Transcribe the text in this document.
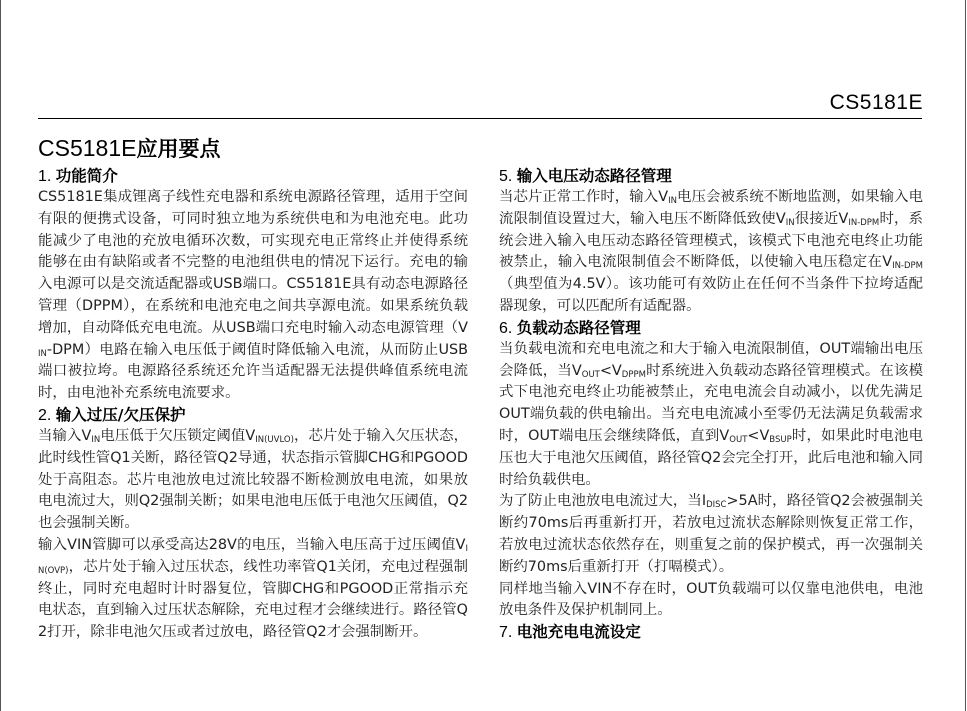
CS5181E
CS5181E应用要点
1. 功能简介

CS5181E集成锂离子线性充电器和系统电源路径管理，适用于空间有限的便携式设备，可同时独立地为系统供电和为电池充电。此功能减少了电池的充放电循环次数，可实现充电正常终止并使得系统能够在由有缺陷或者不完整的电池组供电的情况下运行。充电的输入电源可以是交流适配器或USB端口。CS5181E具有动态电源路径管理（DPPM），在系统和电池充电之间共享源电流。如果系统负载增加，自动降低充电电流。从USB端口充电时输入动态电源管理$(V_{IN}-DPM)$电路在输入电压低于阈值时降低输入电流，从而防止USB端口被拉垮。电源路径系统还允许当适配器无法提供峰值系统电流时，由电池补充系统电流要求。

2. 输入过压/欠压保护

当输入$V_{IN}$电压低于欠压锁定阈值$V_{IN(UVLO)}$，芯片处于输入欠压状态，此时线性管Q1关断，路径管Q2导通，状态指示管脚CHG和PGOOD处于高阻态。芯片电池放电过流比较器不断检测放电电流，如果放电电流过大，则Q2强制关断；如果电池电压低于电池欠压阈值，Q2也会强制关断。

输入VIN管脚可以承受高达28V的电压，当输入电压高于过压阈值$V_{IN(OVP)}$，芯片处于输入过压状态，线性功率管Q1关闭，充电过程强制终止，同时充电超时计时器复位，管脚CHG和PGOOD正常指示充电状态，直到输入过压状态解除，充电过程才会继续进行。路径管Q2打开，除非电池欠压或者过放电，路径管Q2才会强制断开。

5. 输入电压动态路径管理

当芯片正常工作时，输入$V_{IN}$电压会被系统不断地监测，如果输入电流限制值设置过大，输入电压不断降低致使$V_{IN}$很接近$V_{IN-DPM}$时，系统会进入输入电压动态路径管理模式，该模式下电池充电终止功能被禁止，输入电流限制值会不断降低，以使输入电压稳定在$V_{IN-DPM}$（典型值为4.5V）。该功能可有效防止在任何不当条件下拉垮适配器现象，可以匹配所有适配器。

6. 负载动态路径管理

当负载电流和充电电流之和大于输入电流限制值，OUT端输出电压会降低，当$V_{OUT}<V_{DPPM}$时系统进入负载动态路径管理模式。在该模式下电池充电终止功能被禁止，充电电流会自动减小，以优先满足OUT端负载的供电输出。当充电电流减小至零仍无法满足负载需求时，OUT端电压会继续降低，直到$V_{OUT}<V_{BSUP}$时，如果此时电池电压也大于电池欠压阈值，路径管Q2会完全打开，此后电池和输入同时给负载供电。

为了防止电池放电电流过大，当$I_{DISC}>5A$时，路径管Q2会被强制关断约70ms后再重新打开，若放电过流状态解除则恢复正常工作，若放电过流状态依然存在，则重复之前的保护模式，再一次强制关断约70ms后重新打开（打嗝模式）。

同样地当输入VIN不存在时，OUT负载端可以仅靠电池供电，电池放电条件及保护机制同上。

7. 电池充电电流设定
